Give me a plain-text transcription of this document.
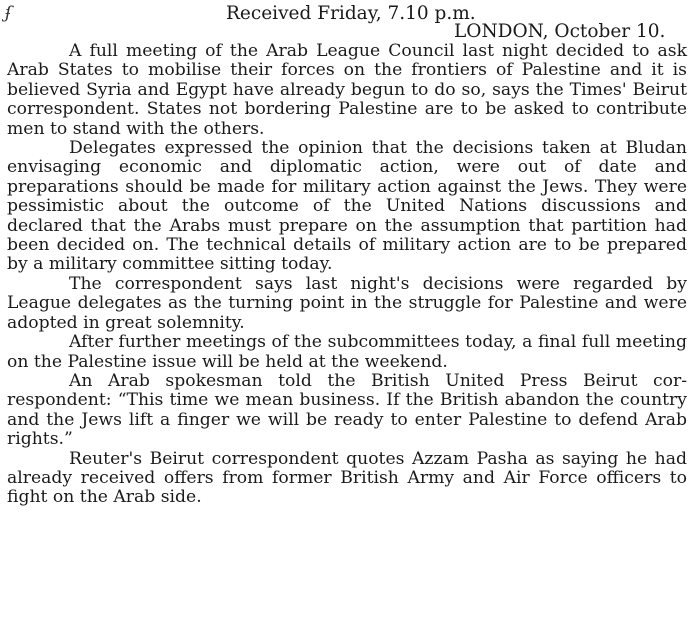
ʄ	Received Friday, 7.10 p.m.
LONDON, October 10.

A full meeting of the Arab League Council last night decided to ask Arab States to mobilise their forces on the frontiers of Palestine and it is believed Syria and Egypt have already begun to do so, says the Times' Beirut correspondent. States not bordering Palestine are to be asked to contribute men to stand with the others.

Delegates expressed the opinion that the decisions taken at Bludan envisaging economic and diplomatic action, were out of date and preparations should be made for military action against the Jews. They were pessimistic about the outcome of the United Nations discussions and declared that the Arabs must prepare on the assumption that partition had been decided on. The technical details of military action are to be prepared by a military committee sitting today.

The correspondent says last night's decisions were regarded by League delegates as the turning point in the struggle for Palestine and were adopted in great solemnity.

After further meetings of the subcommittees today, a final full meeting on the Palestine issue will be held at the weekend.

An Arab spokesman told the British United Press Beirut correspondent: “This time we mean business. If the British abandon the country and the Jews lift a finger we will be ready to enter Palestine to defend Arab rights.”

Reuter's Beirut correspondent quotes Azzam Pasha as saying he had already received offers from former British Army and Air Force officers to fight on the Arab side.
